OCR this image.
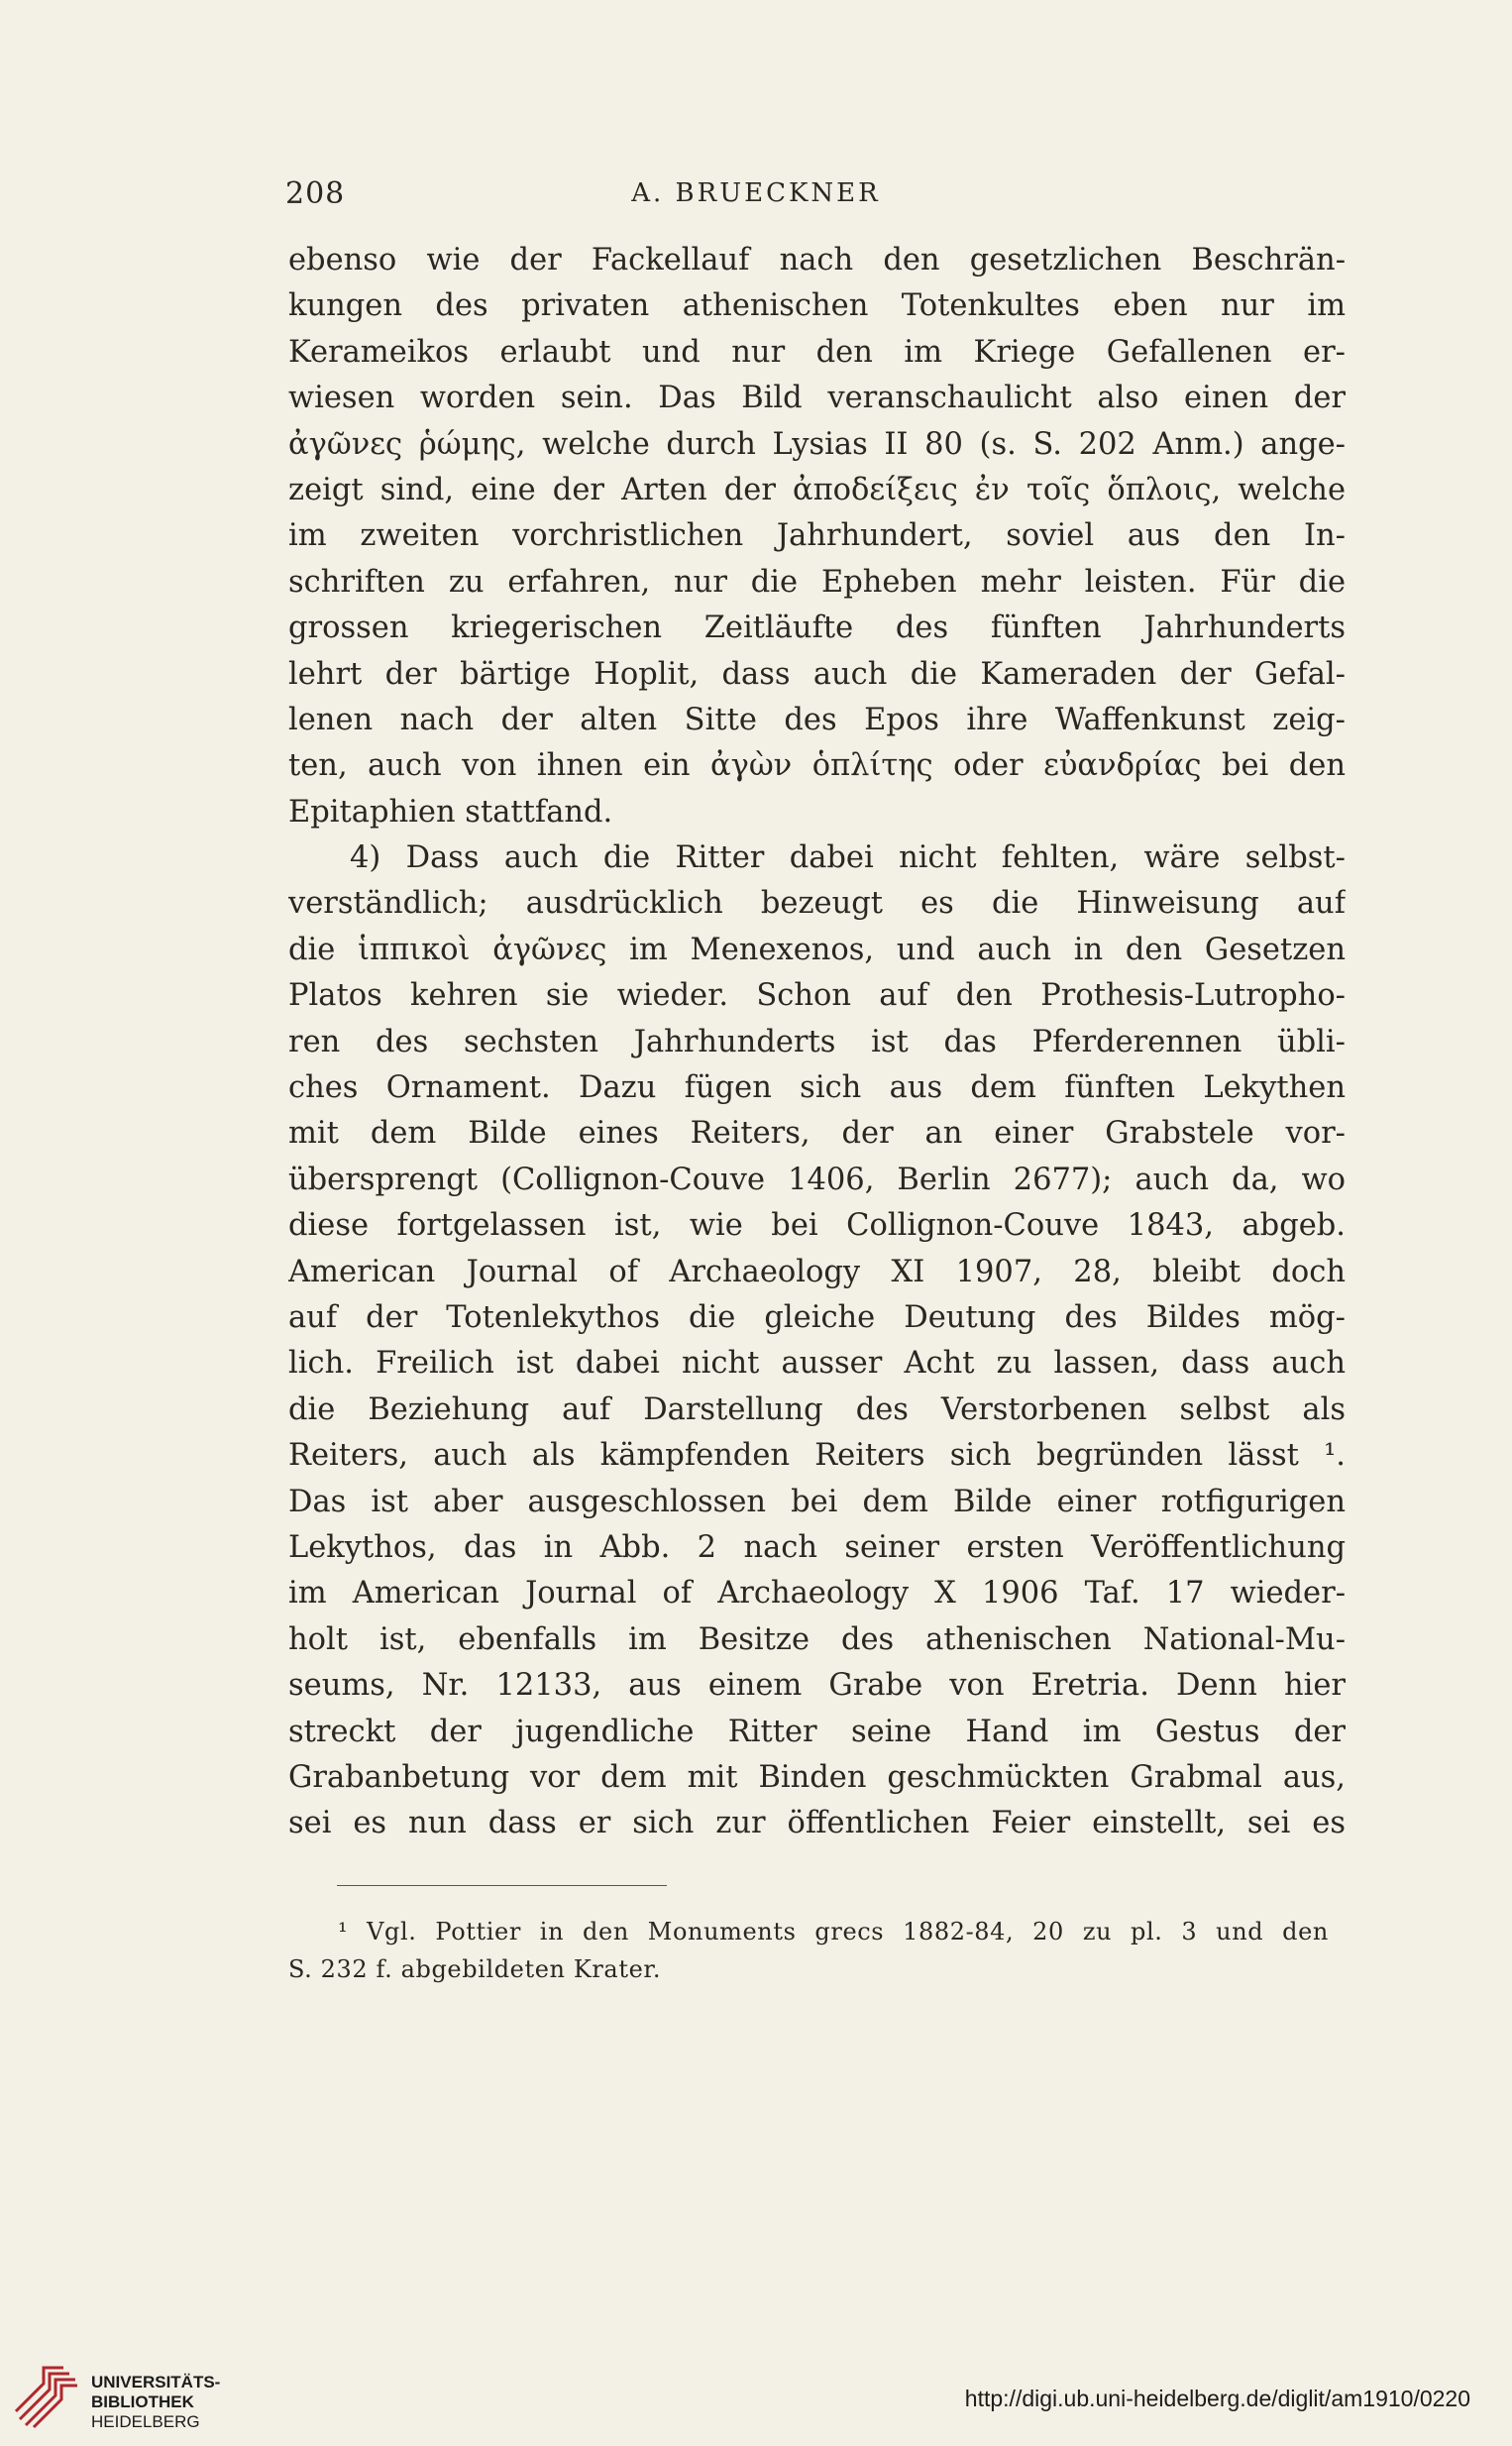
208	A. BRUECKNER
ebenso wie der Fackellauf nach den gesetzlichen Beschrän-
kungen des privaten athenischen Totenkultes eben nur im
Kerameikos erlaubt und nur den im Kriege Gefallenen er-
wiesen worden sein. Das Bild veranschaulicht also einen der
ἀγῶνες ῥώμης, welche durch Lysias II 80 (s. S. 202 Anm.) ange-
zeigt sind, eine der Arten der ἀποδείξεις ἐν τοῖς ὅπλοις, welche
im zweiten vorchristlichen Jahrhundert, soviel aus den In-
schriften zu erfahren, nur die Epheben mehr leisten. Für die
grossen kriegerischen Zeitläufte des fünften Jahrhunderts
lehrt der bärtige Hoplit, dass auch die Kameraden der Gefal-
lenen nach der alten Sitte des Epos ihre Waffenkunst zeig-
ten, auch von ihnen ein ἀγὼν ὁπλίτης oder εὐανδρίας bei den
Epitaphien stattfand.
4) Dass auch die Ritter dabei nicht fehlten, wäre selbst-
verständlich; ausdrücklich bezeugt es die Hinweisung auf
die ἱππικοὶ ἀγῶνες im Menexenos, und auch in den Gesetzen
Platos kehren sie wieder. Schon auf den Prothesis-Lutropho-
ren des sechsten Jahrhunderts ist das Pferderennen übli-
ches Ornament. Dazu fügen sich aus dem fünften Lekythen
mit dem Bilde eines Reiters, der an einer Grabstele vor-
übersprengt (Collignon-Couve 1406, Berlin 2677); auch da, wo
diese fortgelassen ist, wie bei Collignon-Couve 1843, abgeb.
American Journal of Archaeology XI 1907, 28, bleibt doch
auf der Totenlekythos die gleiche Deutung des Bildes mög-
lich. Freilich ist dabei nicht ausser Acht zu lassen, dass auch
die Beziehung auf Darstellung des Verstorbenen selbst als
Reiters, auch als kämpfenden Reiters sich begründen lässt ¹.
Das ist aber ausgeschlossen bei dem Bilde einer rotfigurigen
Lekythos, das in Abb. 2 nach seiner ersten Veröffentlichung
im American Journal of Archaeology X 1906 Taf. 17 wieder-
holt ist, ebenfalls im Besitze des athenischen National-Mu-
seums, Nr. 12133, aus einem Grabe von Eretria. Denn hier
streckt der jugendliche Ritter seine Hand im Gestus der
Grabanbetung vor dem mit Binden geschmückten Grabmal aus,
sei es nun dass er sich zur öffentlichen Feier einstellt, sei es
¹ Vgl. Pottier in den Monuments grecs 1882-84, 20 zu pl. 3 und den
S. 232 f. abgebildeten Krater.
UNIVERSITÄTS-
BIBLIOTHEK
HEIDELBERG
http://digi.ub.uni-heidelberg.de/diglit/am1910/0220
